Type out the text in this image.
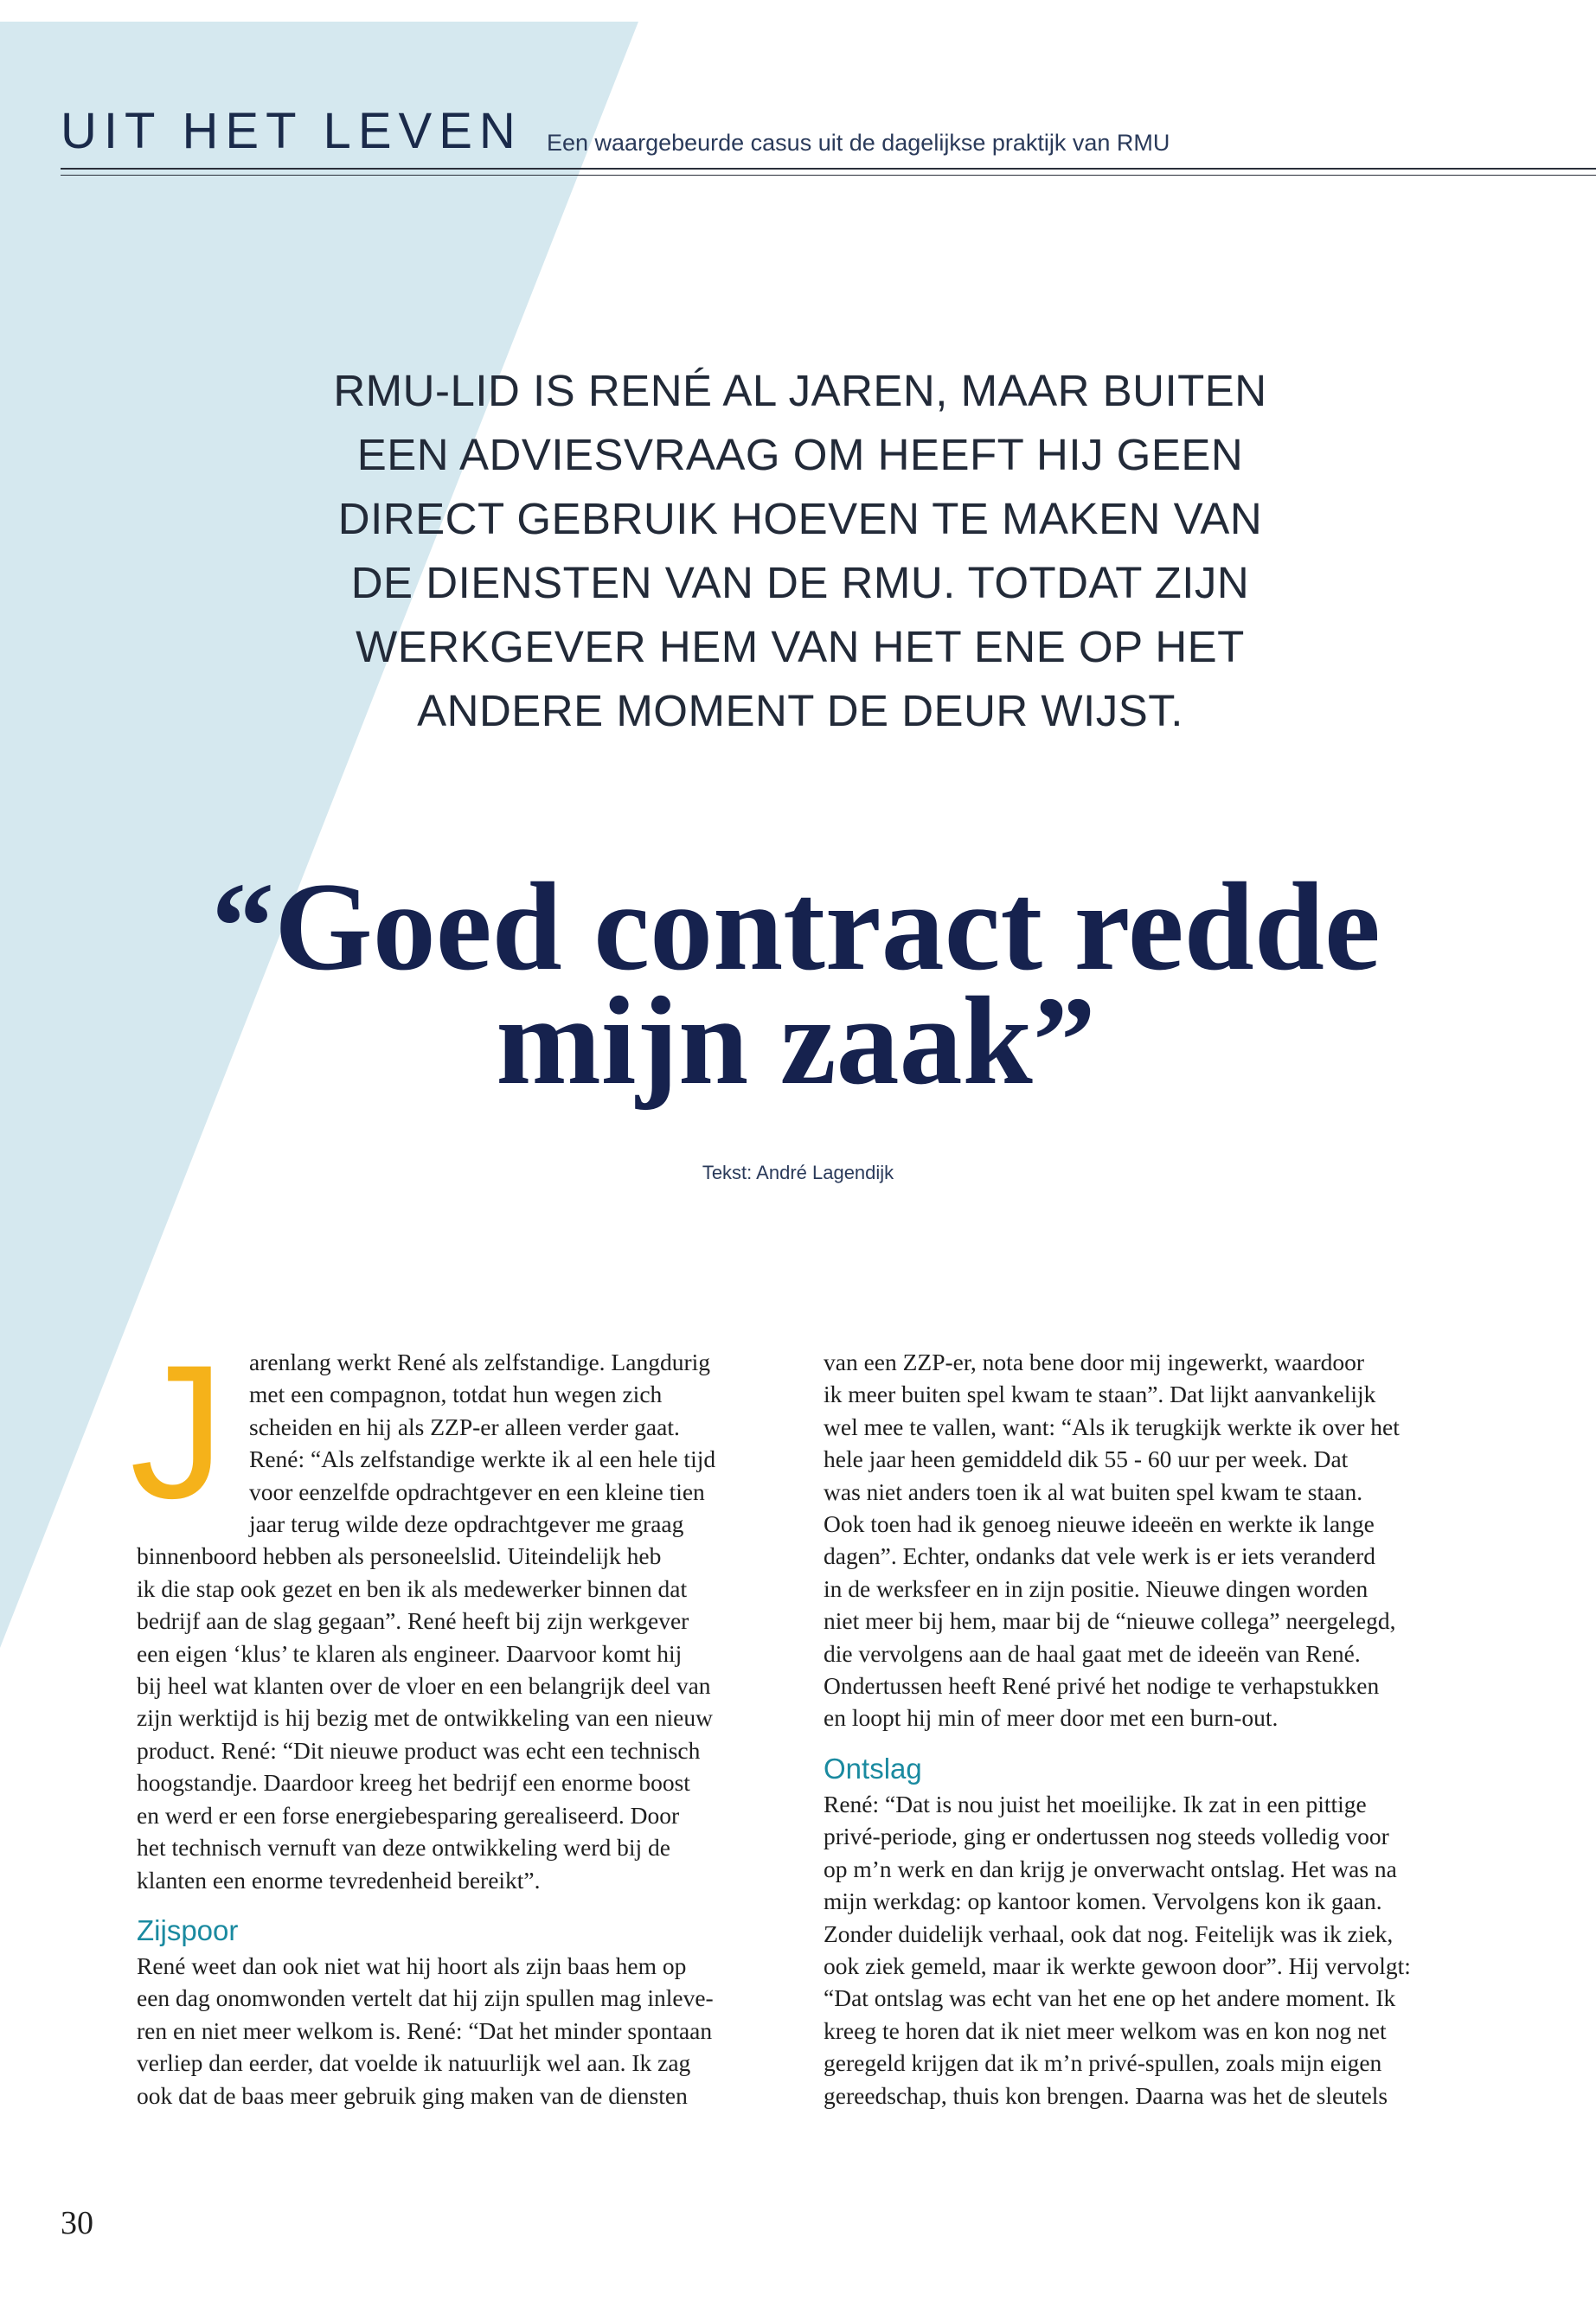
UIT HET LEVEN Een waargebeurde casus uit de dagelijkse praktijk van RMU
RMU-LID IS RENÉ AL JAREN, MAAR BUITEN
EEN ADVIESVRAAG OM HEEFT HIJ GEEN
DIRECT GEBRUIK HOEVEN TE MAKEN VAN
DE DIENSTEN VAN DE RMU. TOTDAT ZIJN
WERKGEVER HEM VAN HET ENE OP HET
ANDERE MOMENT DE DEUR WIJST.
“Goed contract redde
mijn zaak”
Tekst: André Lagendijk
J	arenlang werkt René als zelfstandige. Langdurig

met een compagnon, totdat hun wegen zich

scheiden en hij als ZZP-er alleen verder gaat.

René: “Als zelfstandige werkte ik al een hele tijd

voor eenzelfde opdrachtgever en een kleine tien

jaar terug wilde deze opdrachtgever me graag

binnenboord hebben als personeelslid. Uiteindelijk heb

ik die stap ook gezet en ben ik als medewerker binnen dat

bedrijf aan de slag gegaan”. René heeft bij zijn werkgever

een eigen ‘klus’ te klaren als engineer. Daarvoor komt hij

bij heel wat klanten over de vloer en een belangrijk deel van

zijn werktijd is hij bezig met de ontwikkeling van een nieuw

product. René: “Dit nieuwe product was echt een technisch

hoogstandje. Daardoor kreeg het bedrijf een enorme boost

en werd er een forse energiebesparing gerealiseerd. Door

het technisch vernuft van deze ontwikkeling werd bij de

klanten een enorme tevredenheid bereikt”.

Zijspoor

René weet dan ook niet wat hij hoort als zijn baas hem op

een dag onomwonden vertelt dat hij zijn spullen mag inleve-

ren en niet meer welkom is. René: “Dat het minder spontaan

verliep dan eerder, dat voelde ik natuurlijk wel aan. Ik zag

ook dat de baas meer gebruik ging maken van de diensten

van een ZZP-er, nota bene door mij ingewerkt, waardoor

ik meer buiten spel kwam te staan”. Dat lijkt aanvankelijk

wel mee te vallen, want: “Als ik terugkijk werkte ik over het

hele jaar heen gemiddeld dik 55 - 60 uur per week. Dat

was niet anders toen ik al wat buiten spel kwam te staan.

Ook toen had ik genoeg nieuwe ideeën en werkte ik lange

dagen”. Echter, ondanks dat vele werk is er iets veranderd

in de werksfeer en in zijn positie. Nieuwe dingen worden

niet meer bij hem, maar bij de “nieuwe collega” neergelegd,

die vervolgens aan de haal gaat met de ideeën van René.

Ondertussen heeft René privé het nodige te verhapstukken

en loopt hij min of meer door met een burn-out.

Ontslag

René: “Dat is nou juist het moeilijke. Ik zat in een pittige

privé-periode, ging er ondertussen nog steeds volledig voor

op m’n werk en dan krijg je onverwacht ontslag. Het was na

mijn werkdag: op kantoor komen. Vervolgens kon ik gaan.

Zonder duidelijk verhaal, ook dat nog. Feitelijk was ik ziek,

ook ziek gemeld, maar ik werkte gewoon door”. Hij vervolgt:

“Dat ontslag was echt van het ene op het andere moment. Ik

kreeg te horen dat ik niet meer welkom was en kon nog net

geregeld krijgen dat ik m’n privé-spullen, zoals mijn eigen

gereedschap, thuis kon brengen. Daarna was het de sleutels

30
